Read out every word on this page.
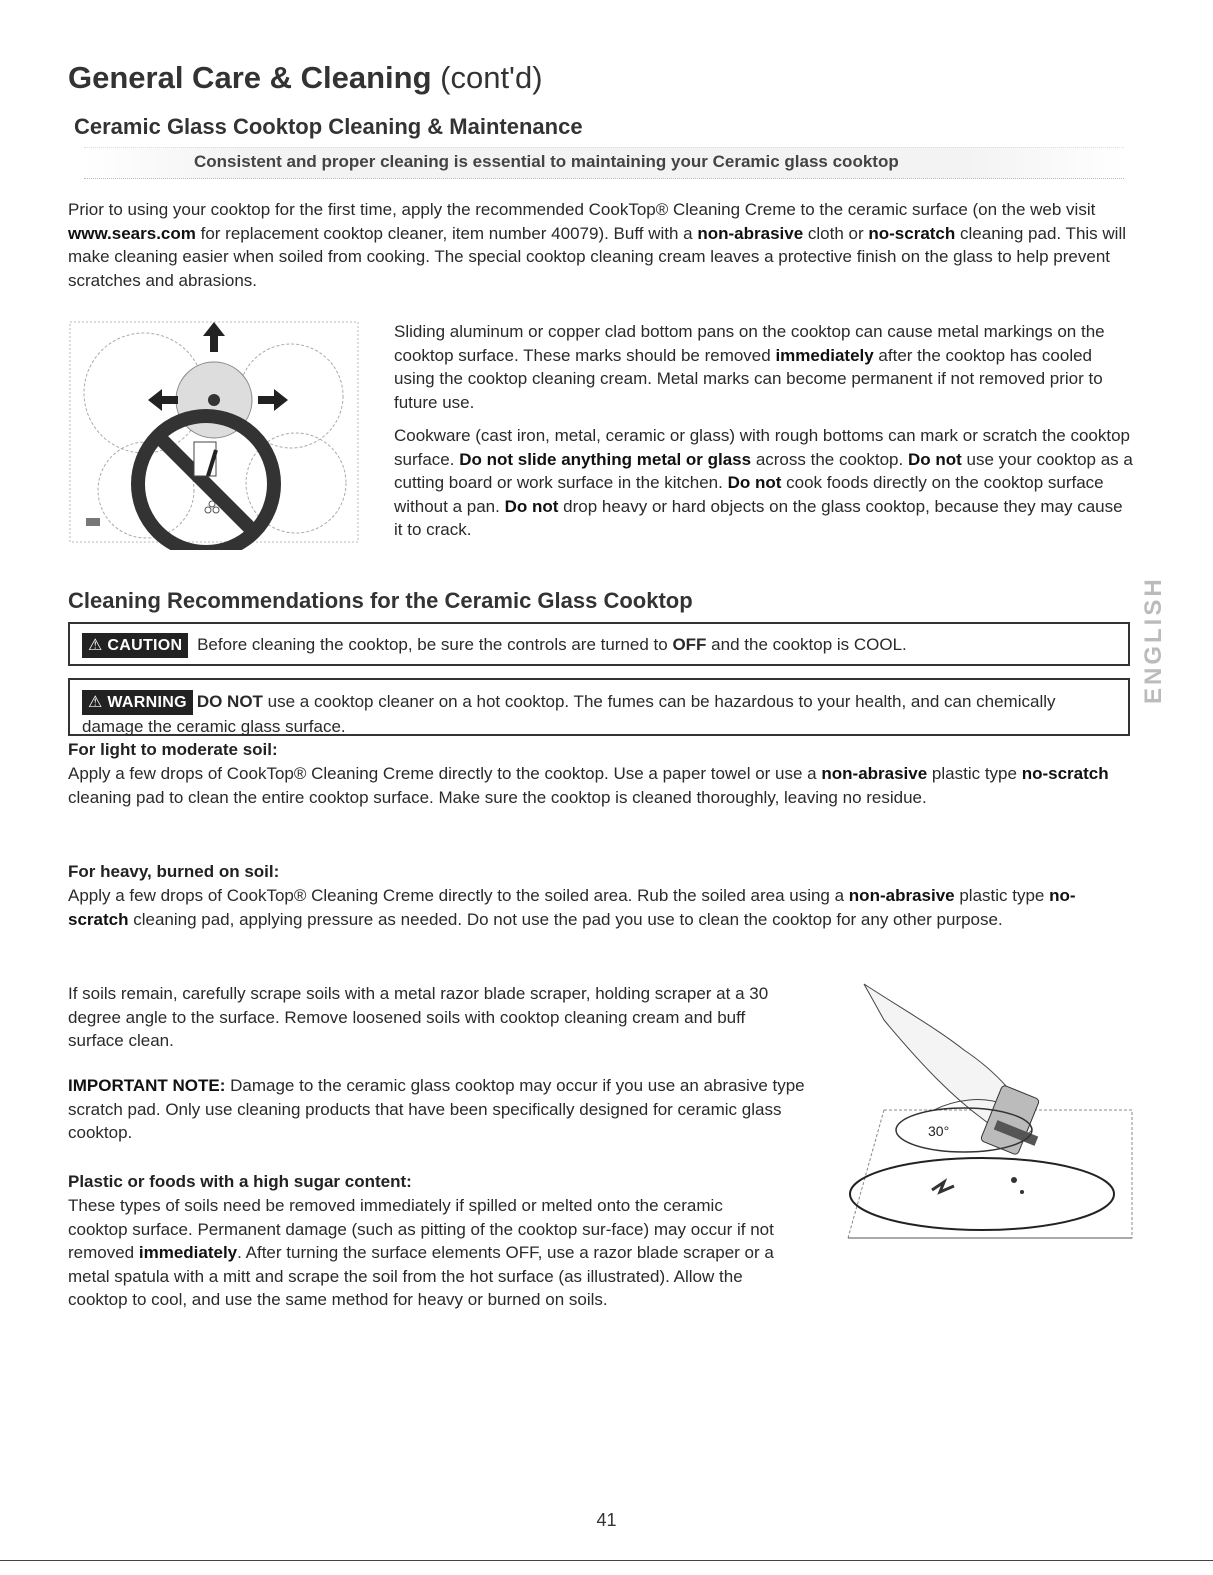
General Care & Cleaning (cont'd)
Ceramic Glass Cooktop Cleaning & Maintenance
Consistent and proper cleaning is essential to maintaining your Ceramic glass cooktop
Prior to using your cooktop for the first time, apply the recommended CookTop® Cleaning Creme to the ceramic surface (on the web visit www.sears.com for replacement cooktop cleaner, item number 40079). Buff with a non-abrasive cloth or no-scratch cleaning pad. This will make cleaning easier when soiled from cooking. The special cooktop cleaning cream leaves a protective finish on the glass to help prevent scratches and abrasions.
Sliding aluminum or copper clad bottom pans on the cooktop can cause metal markings on the cooktop surface. These marks should be removed immediately after the cooktop has cooled using the cooktop cleaning cream. Metal marks can become permanent if not removed prior to future use.
Cookware (cast iron, metal, ceramic or glass) with rough bottoms can mark or scratch the cooktop surface. Do not slide anything metal or glass across the cooktop. Do not use your cooktop as a cutting board or work surface in the kitchen. Do not cook foods directly on the cooktop surface without a pan. Do not drop heavy or hard objects on the glass cooktop, because they may cause it to crack.
Cleaning Recommendations for the Ceramic Glass Cooktop
⚠ CAUTION Before cleaning the cooktop, be sure the controls are turned to OFF and the cooktop is COOL.
⚠ WARNING DO NOT use a cooktop cleaner on a hot cooktop. The fumes can be hazardous to your health, and can chemically damage the ceramic glass surface.
For light to moderate soil:
Apply a few drops of CookTop® Cleaning Creme directly to the cooktop. Use a paper towel or use a non-abrasive plastic type no-scratch cleaning pad to clean the entire cooktop surface. Make sure the cooktop is cleaned thoroughly, leaving no residue.
For heavy, burned on soil:
Apply a few drops of CookTop® Cleaning Creme directly to the soiled area. Rub the soiled area using a non-abrasive plastic type no-scratch cleaning pad, applying pressure as needed. Do not use the pad you use to clean the cooktop for any other purpose.
If soils remain, carefully scrape soils with a metal razor blade scraper, holding scraper at a 30 degree angle to the surface. Remove loosened soils with cooktop cleaning cream and buff surface clean.
IMPORTANT NOTE: Damage to the ceramic glass cooktop may occur if you use an abrasive type scratch pad. Only use cleaning products that have been specifically designed for ceramic glass cooktop.
Plastic or foods with a high sugar content:
These types of soils need be removed immediately if spilled or melted onto the ceramic cooktop surface. Permanent damage (such as pitting of the cooktop sur-face) may occur if not removed immediately. After turning the surface elements OFF, use a razor blade scraper or a metal spatula with a mitt and scrape the soil from the hot surface (as illustrated). Allow the cooktop to cool, and use the same method for heavy or burned on soils.
30°
ENGLISH
41
